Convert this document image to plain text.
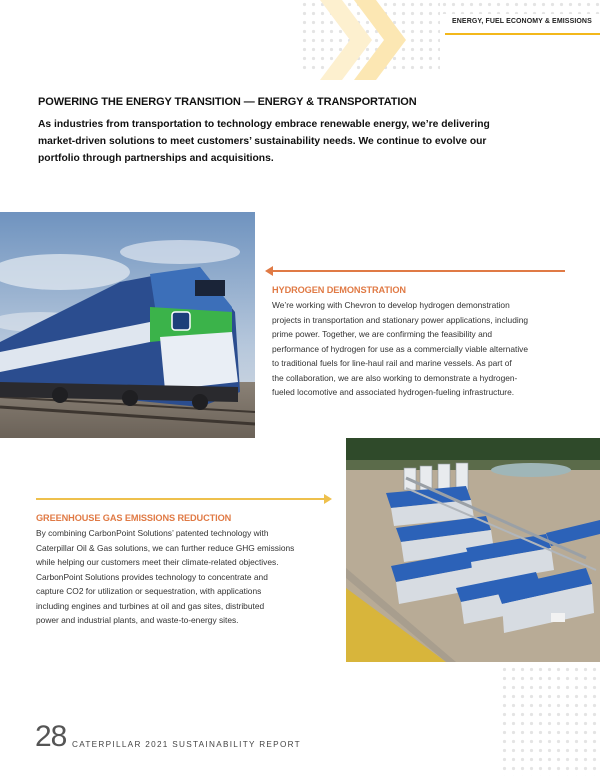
ENERGY, FUEL ECONOMY & EMISSIONS
POWERING THE ENERGY TRANSITION — ENERGY & TRANSPORTATION
As industries from transportation to technology embrace renewable energy, we’re delivering
market-driven solutions to meet customers’ sustainability needs. We continue to evolve our
portfolio through partnerships and acquisitions.
HYDROGEN DEMONSTRATION
We’re working with Chevron to develop hydrogen demonstration
projects in transportation and stationary power applications, including
prime power. Together, we are confirming the feasibility and
performance of hydrogen for use as a commercially viable alternative
to traditional fuels for line-haul rail and marine vessels. As part of
the collaboration, we are also working to demonstrate a hydrogen-
fueled locomotive and associated hydrogen-fueling infrastructure.
GREENHOUSE GAS EMISSIONS REDUCTION
By combining CarbonPoint Solutions’ patented technology with
Caterpillar Oil & Gas solutions, we can further reduce GHG emissions
while helping our customers meet their climate-related objectives.
CarbonPoint Solutions provides technology to concentrate and
capture CO2 for utilization or sequestration, with applications
including engines and turbines at oil and gas sites, distributed
power and industrial plants, and waste-to-energy sites.
28 CATERPILLAR 2021 SUSTAINABILITY REPORT
